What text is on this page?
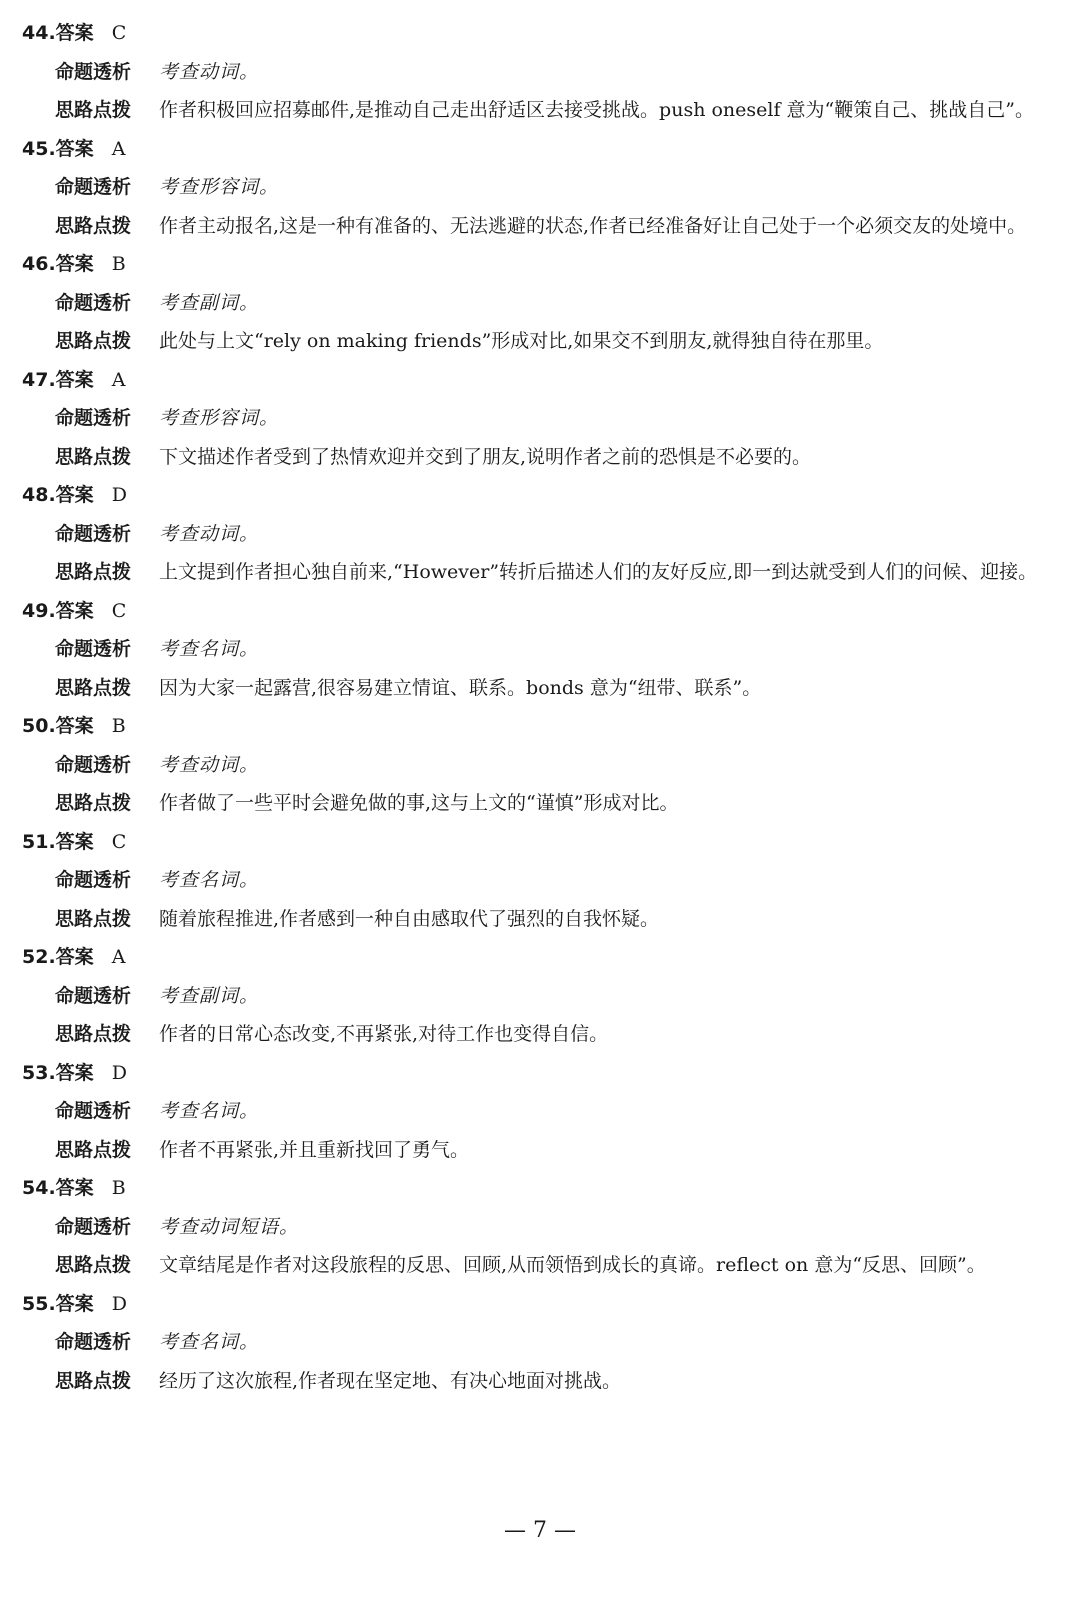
44.答案 C
命题透析 考查动词。
思路点拨 作者积极回应招募邮件,是推动自己走出舒适区去接受挑战。push oneself 意为“鞭策自己、挑战自己”。
45.答案 A
命题透析 考查形容词。
思路点拨 作者主动报名,这是一种有准备的、无法逃避的状态,作者已经准备好让自己处于一个必须交友的处境中。
46.答案 B
命题透析 考查副词。
思路点拨 此处与上文“rely on making friends”形成对比,如果交不到朋友,就得独自待在那里。
47.答案 A
命题透析 考查形容词。
思路点拨 下文描述作者受到了热情欢迎并交到了朋友,说明作者之前的恐惧是不必要的。
48.答案 D
命题透析 考查动词。
思路点拨 上文提到作者担心独自前来,“However”转折后描述人们的友好反应,即一到达就受到人们的问候、迎接。
49.答案 C
命题透析 考查名词。
思路点拨 因为大家一起露营,很容易建立情谊、联系。bonds 意为“纽带、联系”。
50.答案 B
命题透析 考查动词。
思路点拨 作者做了一些平时会避免做的事,这与上文的“谨慎”形成对比。
51.答案 C
命题透析 考查名词。
思路点拨 随着旅程推进,作者感到一种自由感取代了强烈的自我怀疑。
52.答案 A
命题透析 考查副词。
思路点拨 作者的日常心态改变,不再紧张,对待工作也变得自信。
53.答案 D
命题透析 考查名词。
思路点拨 作者不再紧张,并且重新找回了勇气。
54.答案 B
命题透析 考查动词短语。
思路点拨 文章结尾是作者对这段旅程的反思、回顾,从而领悟到成长的真谛。reflect on 意为“反思、回顾”。
55.答案 D
命题透析 考查名词。
思路点拨 经历了这次旅程,作者现在坚定地、有决心地面对挑战。
— 7 —
